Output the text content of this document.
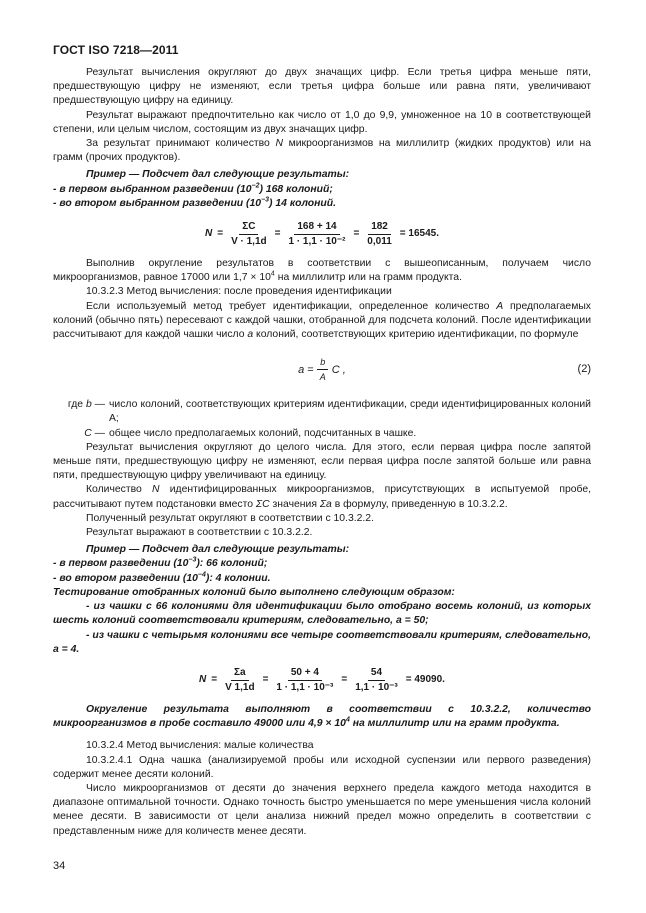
ГОСТ ISO 7218—2011

Результат вычисления округляют до двух значащих цифр. Если третья цифра меньше пяти, предшествующую цифру не изменяют, если третья цифра больше или равна пяти, увеличивают предшествующую цифру на единицу.

Результат выражают предпочтительно как число от 1,0 до 9,9, умноженное на 10 в соответствующей степени, или целым числом, состоящим из двух значащих цифр.

За результат принимают количество N микроорганизмов на миллилитр (жидких продуктов) или на грамм (прочих продуктов).

Пример — Подсчет дал следующие результаты:

- в первом выбранном разведении $(10^{-2})$ 168 колоний;

- во втором выбранном разведении $(10^{-3})$ 14 колоний.

$N = \frac{\Sigma C}{V \cdot 1,1d} = \frac{168 + 14}{\text{1 · 1,1 · 10⁻²}} = \frac{182}{0,011} = 16545$.

Выполнив округление результатов в соответствии с вышеописанным, получаем число микроорганизмов, равное 17000 или $1,7 \times 10^4$ на миллилитр или на грамм продукта.

10.3.2.3 Метод вычисления: после проведения идентификации

Если используемый метод требует идентификации, определенное количество A предполагаемых колоний (обычно пять) пересевают с каждой чашки, отобранной для подсчета колоний. После идентификации рассчитывают для каждой чашки число a колоний, соответствующих критерию идентификации, по формуле

$a = \frac{b}{A}$ C ,	(2)
где b — число колоний, соответствующих критериям идентификации, среди идентифицированных колоний A;
C — общее число предполагаемых колоний, подсчитанных в чашке.

Результат вычисления округляют до целого числа. Для этого, если первая цифра после запятой меньше пяти, предшествующую цифру не изменяют, если первая цифра после запятой больше или равна пяти, предшествующую цифру увеличивают на единицу.

Количество N идентифицированных микроорганизмов, присутствующих в испытуемой пробе, рассчитывают путем подстановки вместо ΣC значения Σa в формулу, приведенную в 10.3.2.2.

Полученный результат округляют в соответствии с 10.3.2.2.

Результат выражают в соответствии с 10.3.2.2.

Пример — Подсчет дал следующие результаты:

- в первом разведении $(10^{-3})$: 66 колоний;

- во втором разведении $(10^{-4})$: 4 колонии.

Тестирование отобранных колоний было выполнено следующим образом:

- из чашки с 66 колониями для идентификации было отобрано восемь колоний, из которых шесть колоний соответствовали критериям, следовательно, a = 50;

- из чашки с четырьмя колониями все четыре соответствовали критериям, следовательно, a = 4.

$N = \frac{\Sigma a}{V 1,1d} = \frac{50 + 4}{\text{1 · 1,1 · 10⁻³}} = \frac{54}{\text{1,1 · 10⁻³}} = 49090$.

Округление результата выполняют в соответствии с 10.3.2.2, количество микроорганизмов в пробе составило 49000 или $4,9 \times 10^4$ на миллилитр или на грамм продукта.

10.3.2.4 Метод вычисления: малые количества

10.3.2.4.1 Одна чашка (анализируемой пробы или исходной суспензии или первого разведения) содержит менее десяти колоний.

Число микроорганизмов от десяти до значения верхнего предела каждого метода находится в диапазоне оптимальной точности. Однако точность быстро уменьшается по мере уменьшения числа колоний менее десяти. В зависимости от цели анализа нижний предел можно определить в соответствии с представленным ниже для количеств менее десяти.

34
